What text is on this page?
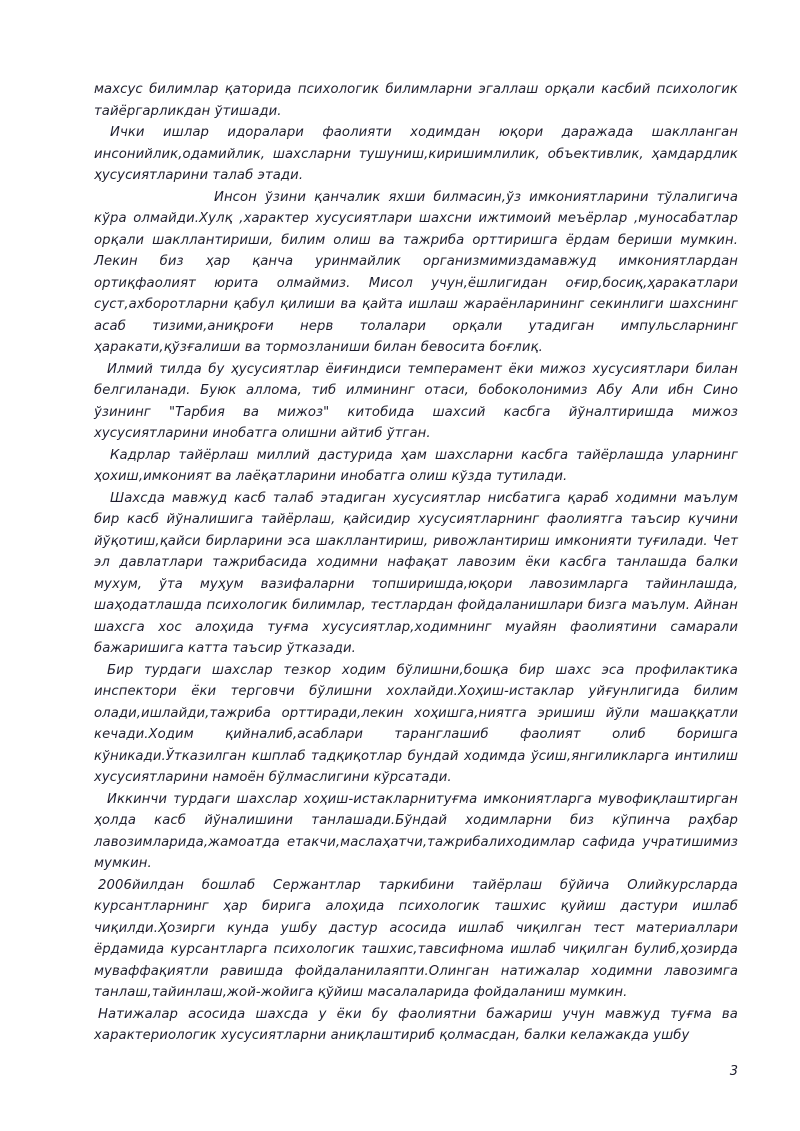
махсус билимлар қаторида психологик билимларни эгаллаш орқали касбий психологик тайёргарликдан ўтишади.

Ички ишлар идоралари фаолияти ходимдан юқори даражада шаклланган инсонийлик,одамийлик, шахсларни тушуниш,киришимлилик, объективлик, ҳамдардлик ҳусусиятларини талаб этади.

Инсон ўзини қанчалик яхши билмасин,ўз имкониятларини тўлалигича кўра олмайди.Хулқ ,характер хусусиятлари шахсни ижтимоий меъёрлар ,муносабатлар орқали шакллантириши, билим олиш ва тажриба орттиришга ёрдам бериши мумкин. Лекин биз ҳар қанча уринмайлик организмимиздамавжуд имкониятлардан ортиқфаолият юрита олмаймиз. Мисол учун,ёшлигидан оғир,босиқ,ҳаракатлари суст,ахборотларни қабул қилиши ва қайта ишлаш жараёнларининг секинлиги шахснинг асаб тизими,аниқроғи нерв толалари орқали утадиган импульсларнинг ҳаракати,қўзғалиши ва тормозланиши билан бевосита боғлиқ.

Илмий тилда бу ҳусусиятлар ёиғиндиси темперамент ёки мижоз хусусиятлари билан белгиланади. Буюк аллома, тиб илмининг отаси, бобоколонимиз Абу Али ибн Сино ўзининг "Тарбия ва мижоз" китобида шахсий касбга йўналтиришда мижоз хусусиятларини инобатга олишни айтиб ўтган.

Кадрлар тайёрлаш миллий дастурида ҳам шахсларни касбга тайёрлашда уларнинг ҳохиш,имконият ва лаёқатларини инобатга олиш кўзда тутилади.

Шахсда мавжуд касб талаб этадиган хусусиятлар нисбатига қараб ходимни маълум бир касб йўналишига тайёрлаш, қайсидир хусусиятларнинг фаолиятга таъсир кучини йўқотиш,қайси бирларини эса шакллантириш, ривожлантириш имконияти туғилади. Чет эл давлатлари тажрибасида ходимни нафақат лавозим ёки касбга танлашда балки мухум, ўта муҳум вазифаларни топширишда,юқори лавозимларга тайинлашда, шаҳодатлашда психологик билимлар, тестлардан фойдаланишлари бизга маълум. Айнан шахсга хос алоҳида туғма хусусиятлар,ходимнинг муайян фаолиятини самарали бажаришига катта таъсир ўтказади.

Бир турдаги шахслар тезкор ходим бўлишни,бошқа бир шахс эса профилактика инспектори ёки терговчи бўлишни хохлайди.Хоҳиш-истаклар уйғунлигида билим олади,ишлайди,тажриба орттиради,лекин хоҳишга,ниятга эришиш йўли машаққатли кечади.Ходим қийналиб,асаблари таранглашиб фаолият олиб боришга кўникади.Ўтказилган кшплаб тадқиқотлар бундай ходимда ўсиш,янгиликларга интилиш хусусиятларини намоён бўлмаслигини кўрсатади.

Иккинчи турдаги шахслар хоҳиш-истакларнитуғма имкониятларга мувофиқлаштирган ҳолда касб йўналишини танлашади.Бўндай ходимларни биз кўпинча раҳбар лавозимларида,жамоатда етакчи,маслаҳатчи,тажрибалиходимлар сафида учратишимиз мумкин.

2006йилдан бошлаб Сержантлар таркибини тайёрлаш бўйича Олийкурсларда курсантларнинг ҳар бирига алоҳида психологик ташхис қуйиш дастури ишлаб чиқилди.Ҳозирги кунда ушбу дастур асосида ишлаб чиқилган тест материаллари ёрдамида курсантларга психологик ташхис,тавсифнома ишлаб чиқилган булиб,ҳозирда муваффақиятли равишда фойдаланилаяпти.Олинган натижалар ходимни лавозимга танлаш,тайинлаш,жой-жойига қўйиш масалаларида фойдаланиш мумкин.

Натижалар асосида шахсда у ёки бу фаолиятни бажариш учун мавжуд туғма ва характериологик хусусиятларни аниқлаштириб қолмасдан, балки келажакда ушбу

3
